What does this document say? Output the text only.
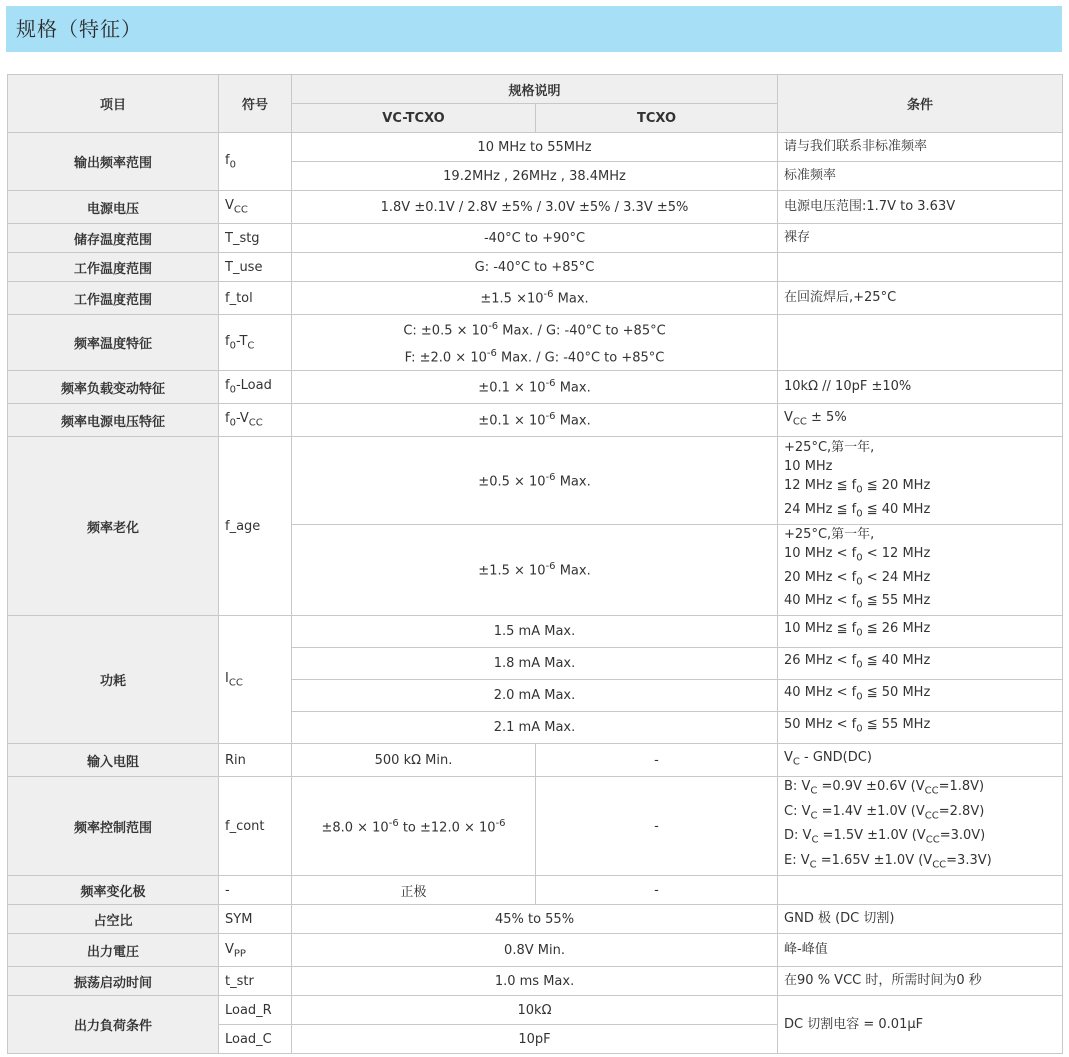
规格（特征）
项目	符号	规格说明		条件
		VC-TCXO	TCXO	
输出频率范围	$f_0$	10 MHz to 55MHz		请与我们联系非标准频率
		19.2MHz , 26MHz , 38.4MHz		标准频率
电源电压	$V_{CC}$	1.8V ±0.1V / 2.8V ±5% / 3.0V ±5% / 3.3V ±5%		电源电压范围:1.7V to 3.63V
储存温度范围	T_stg	-40°C to +90°C		裸存
工作温度范围	T_use	G: -40°C to +85°C		
工作温度范围	f_tol	$\pm 1.5 \times 10^{-6}$ Max.		在回流焊后,+25°C
频率温度特征	$f_0-T_C$	C: $\pm 0.5 \times 10^{-6}$ Max. / G: -40°C to +85°C
F: $\pm 2.0 \times 10^{-6}$ Max. / G: -40°C to +85°C		

频率负载变动特征	$f_0$-Load	$\pm 0.1 \times 10^{-6}$ Max.		10kΩ // 10pF ±10%
频率电源电压特征	$f_0-V_{CC}$	$\pm 0.1 \times 10^{-6}$ Max.		$V_{CC} \pm 5\%$
频率老化	f_age	$\pm 0.5 \times 10^{-6}$ Max.		+25°C,第一年,
10 MHz
12 MHz ≦ $f_0$ ≦ 20 MHz
24 MHz ≦ $f_0$ ≦ 40 MHz

		$\pm 1.5 \times 10^{-6}$ Max.		+25°C,第一年,
10 MHz < $f_0 < 12$ MHz
20 MHz < $f_0 < 24$ MHz
40 MHz < $f_0$ ≦ 55 MHz

功耗	$I_{CC}$	1.5 mA Max.		10 MHz ≦ $f_0$ ≦ 26 MHz
		1.8 mA Max.		26 MHz < $f_0$ ≦ 40 MHz
		2.0 mA Max.		40 MHz < $f_0$ ≦ 50 MHz
		2.1 mA Max.		50 MHz < $f_0$ ≦ 55 MHz
输入电阻	Rin	500 kΩ Min.	-	$V_C - GND(DC)$
频率控制范围	f_cont	$\pm 8.0 \times 10^{-6}$ to $\pm 12.0 \times 10^{-6}$	-	B: $V_C =0.9V \pm 0.6V$ $(V_{CC}=1.8V)$
C: $V_C =1.4V \pm 1.0V$ $(V_{CC}=2.8V)$
D: $V_C =1.5V \pm 1.0V$ $(V_{CC}=3.0V)$
E: $V_C =1.65V \pm 1.0V$ $(V_{CC}=3.3V)$

频率变化极	-	正极	-	
占空比	SYM	45% to 55%		GND 极 (DC 切割)
出力電圧	$V_{PP}$	0.8V Min.		峰-峰值
振荡启动时间	t_str	1.0 ms Max.		在90 % VCC 时，所需时间为0 秒
出力負荷条件	Load_R	10kΩ		DC 切割电容 = 0.01μF
	Load_C	10pF		
